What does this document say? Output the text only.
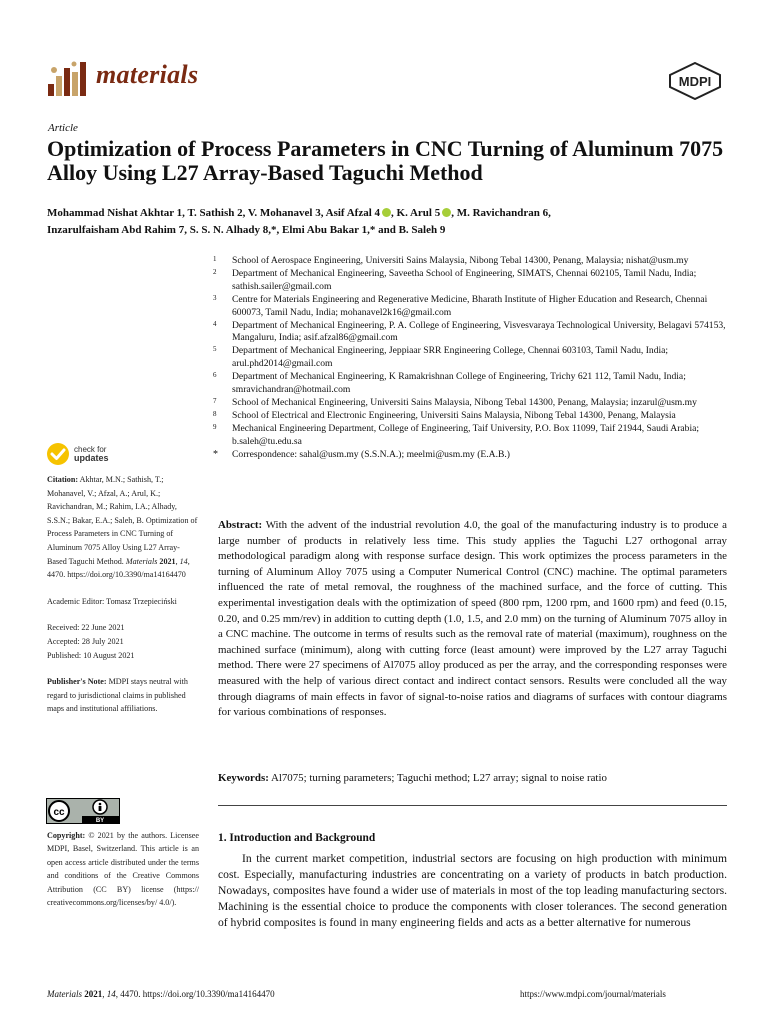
materials	MDPI
Article
Optimization of Process Parameters in CNC Turning of Aluminum 7075 Alloy Using L27 Array-Based Taguchi Method
Mohammad Nishat Akhtar 1, T. Sathish 2, V. Mohanavel 3, Asif Afzal 4 , K. Arul 5 , M. Ravichandran 6,
Inzarulfaisham Abd Rahim 7, S. S. N. Alhady 8,*, Elmi Abu Bakar 1,* and B. Saleh 9
1 School of Aerospace Engineering, Universiti Sains Malaysia, Nibong Tebal 14300, Penang, Malaysia; nishat@usm.my
2 Department of Mechanical Engineering, Saveetha School of Engineering, SIMATS, Chennai 602105, Tamil Nadu, India; sathish.sailer@gmail.com
3 Centre for Materials Engineering and Regenerative Medicine, Bharath Institute of Higher Education and Research, Chennai 600073, Tamil Nadu, India; mohanavel2k16@gmail.com
4 Department of Mechanical Engineering, P. A. College of Engineering, Visvesvaraya Technological University, Belagavi 574153, Mangaluru, India; asif.afzal86@gmail.com
5 Department of Mechanical Engineering, Jeppiaar SRR Engineering College, Chennai 603103, Tamil Nadu, India; arul.phd2014@gmail.com
6 Department of Mechanical Engineering, K Ramakrishnan College of Engineering, Trichy 621 112, Tamil Nadu, India; smravichandran@hotmail.com
7 School of Mechanical Engineering, Universiti Sains Malaysia, Nibong Tebal 14300, Penang, Malaysia; inzarul@usm.my
8 School of Electrical and Electronic Engineering, Universiti Sains Malaysia, Nibong Tebal 14300, Penang, Malaysia
9 Mechanical Engineering Department, College of Engineering, Taif University, P.O. Box 11099, Taif 21944, Saudi Arabia; b.saleh@tu.edu.sa
* Correspondence: sahal@usm.my (S.S.N.A.); meelmi@usm.my (E.A.B.)
check for
updates

Citation: Akhtar, M.N.; Sathish, T.; Mohanavel, V.; Afzal, A.; Arul, K.; Ravichandran, M.; Rahim, I.A.; Alhady, S.S.N.; Bakar, E.A.; Saleh, B. Optimization of Process Parameters in CNC Turning of Aluminum 7075 Alloy Using L27 Array-Based Taguchi Method. Materials 2021, 14, 4470. https://doi.org/10.3390/ma14164470

Academic Editor: Tomasz Trzepieciński

Received: 22 June 2021

Accepted: 28 July 2021

Published: 10 August 2021

Publisher's Note: MDPI stays neutral with regard to jurisdictional claims in published maps and institutional affiliations.

cc
BY
Copyright: © 2021 by the authors. Licensee MDPI, Basel, Switzerland. This article is an open access article distributed under the terms and conditions of the Creative Commons Attribution (CC BY) license (https:// creativecommons.org/licenses/by/ 4.0/).
Abstract: With the advent of the industrial revolution 4.0, the goal of the manufacturing industry is to produce a large number of products in relatively less time. This study applies the Taguchi L27 orthogonal array methodological paradigm along with response surface design. This work optimizes the process parameters in the turning of Aluminum Alloy 7075 using a Computer Numerical Control (CNC) machine. The optimal parameters influenced the rate of metal removal, the roughness of the machined surface, and the force of cutting. This experimental investigation deals with the optimization of speed (800 rpm, 1200 rpm, and 1600 rpm) and feed (0.15, 0.20, and 0.25 mm/rev) in addition to cutting depth (1.0, 1.5, and 2.0 mm) on the turning of Aluminum 7075 alloy in a CNC machine. The outcome in terms of results such as the removal rate of material (maximum), roughness on the machined surface (minimum), along with cutting force (least amount) were improved by the L27 array Taguchi method. There were 27 specimens of Al7075 alloy produced as per the array, and the corresponding responses were measured with the help of various direct contact and indirect contact sensors. Results were concluded all the way through diagrams of main effects in favor of signal-to-noise ratios and diagrams of surfaces with contour diagrams for various combinations of responses.
Keywords: Al7075; turning parameters; Taguchi method; L27 array; signal to noise ratio
1. Introduction and Background
In the current market competition, industrial sectors are focusing on high production with minimum cost. Especially, manufacturing industries are concentrating on a variety of products in batch production. Nowadays, composites have found a wider use of materials in most of the top leading manufacturing sectors. Machining is the essential choice to produce the components with closer tolerances. The second generation of hybrid composites is found in many engineering fields and acts as a better alternative for numerous
Materials 2021, 14, 4470. https://doi.org/10.3390/ma14164470	https://www.mdpi.com/journal/materials
